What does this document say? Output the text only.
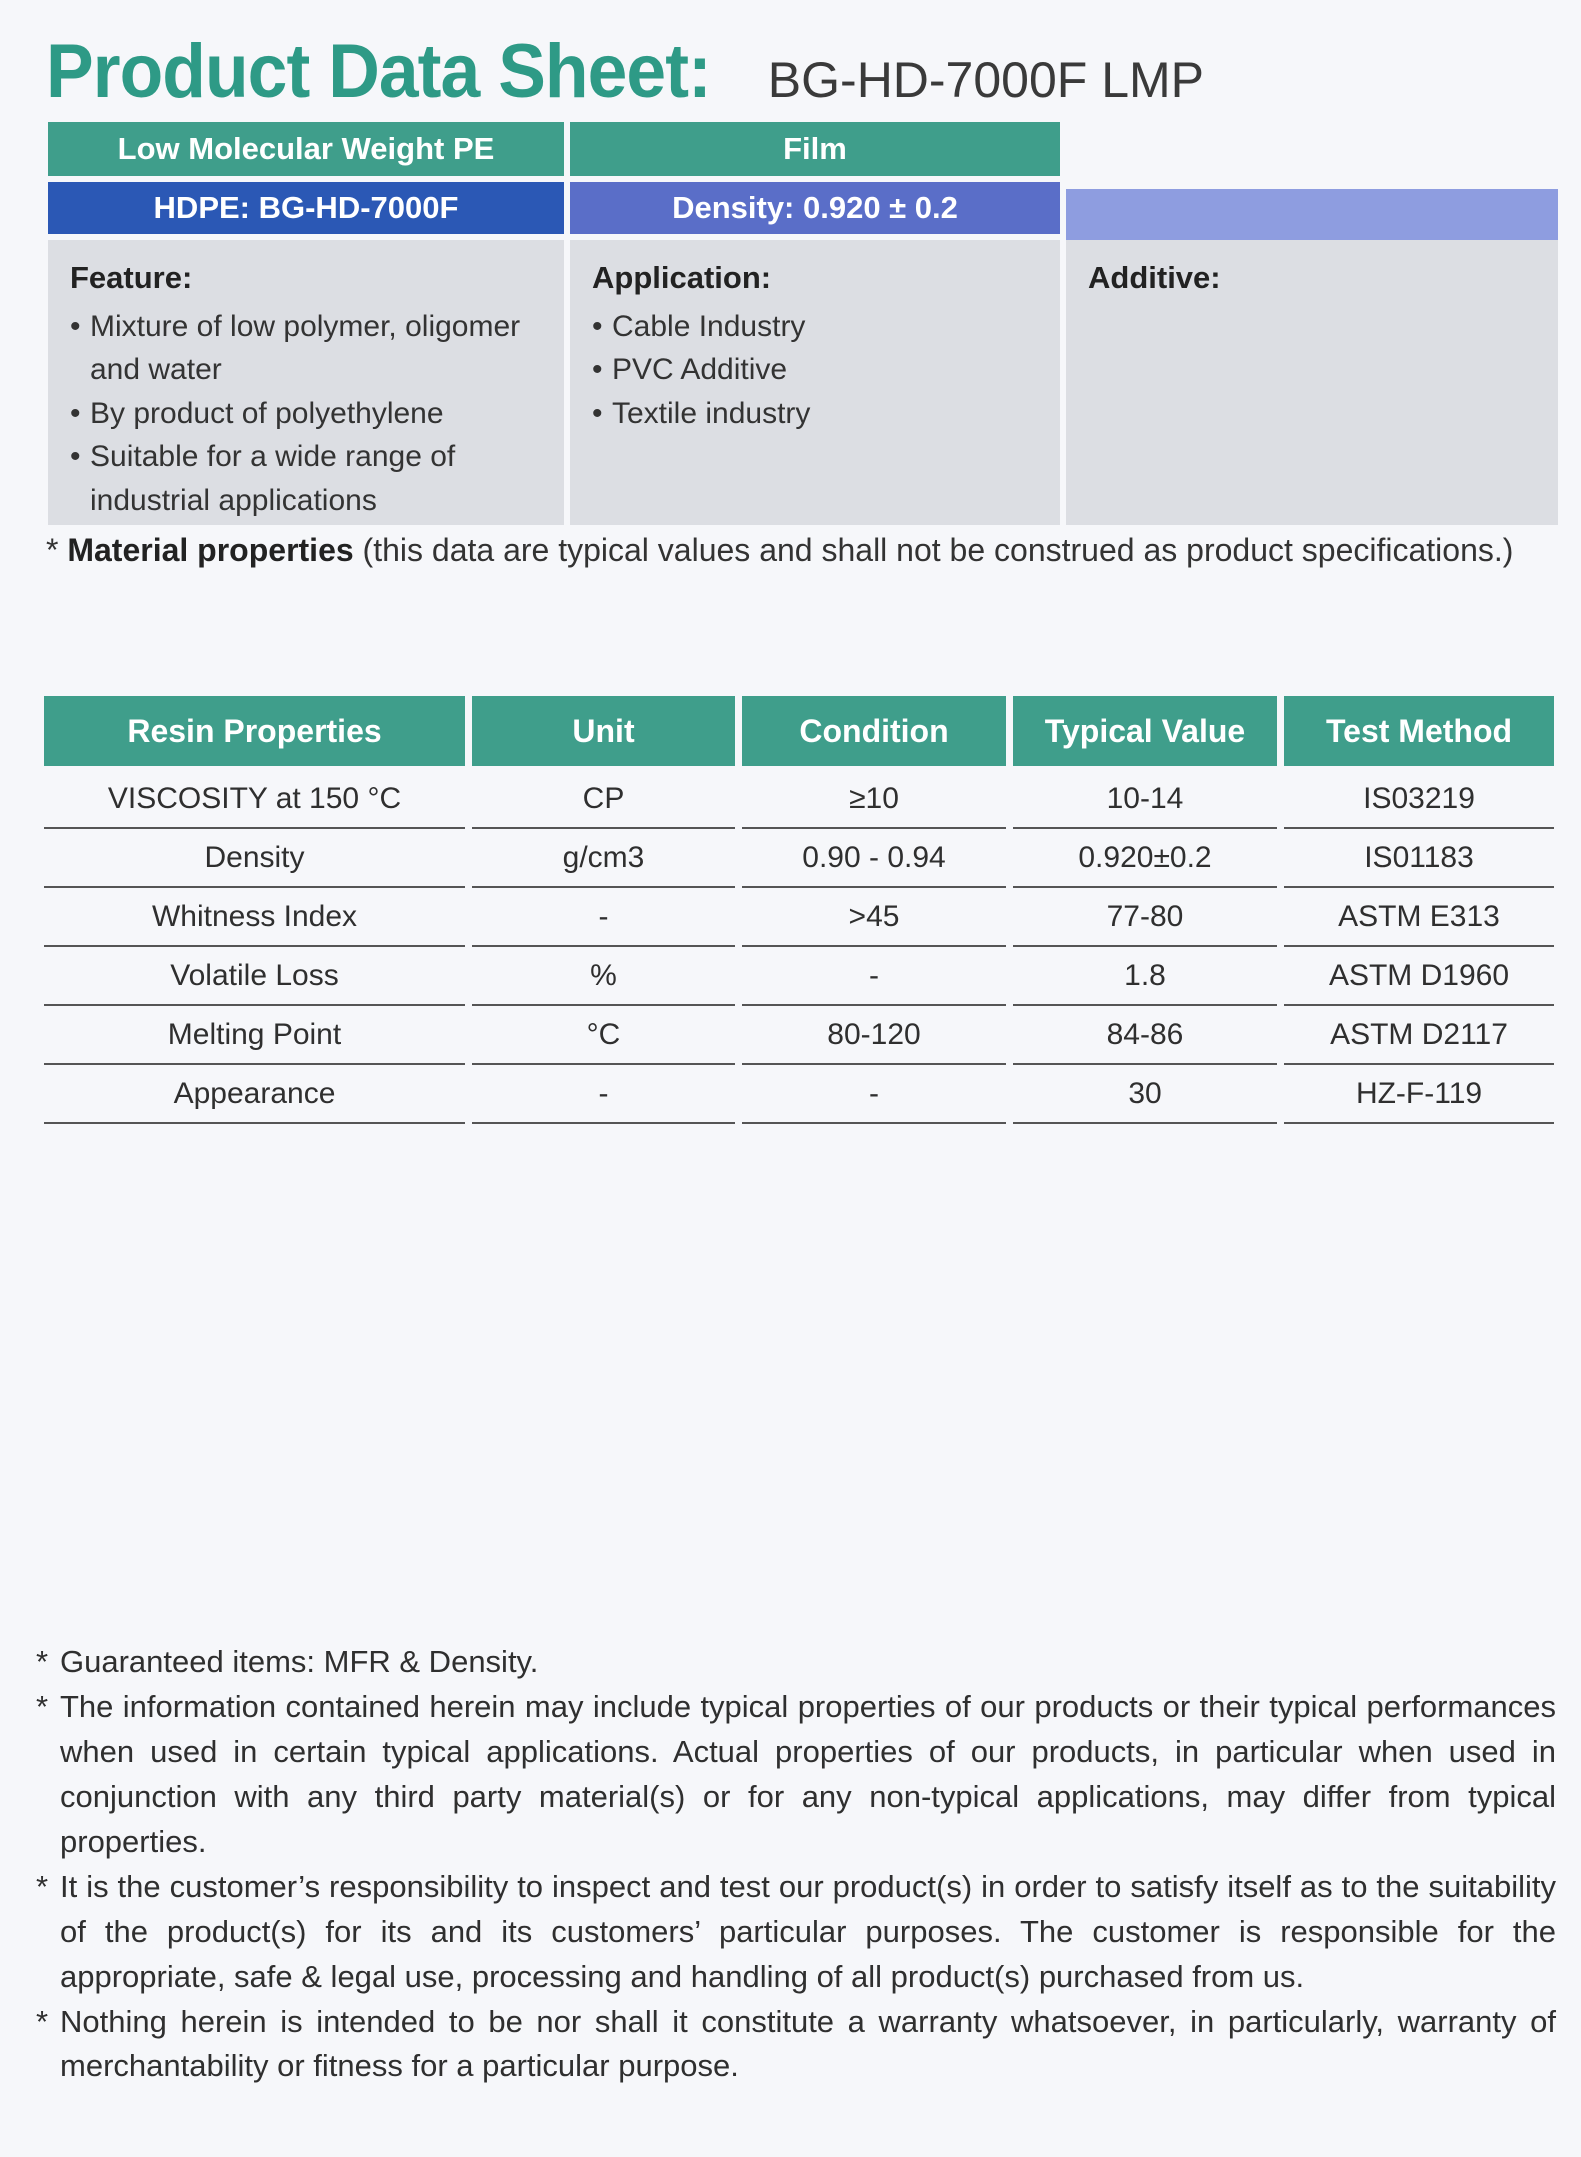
Product Data Sheet: BG-HD-7000F LMP
Low Molecular Weight PE	Film
HDPE: BG-HD-7000F	Density: 0.920 ± 0.2
Feature:
• Mixture of low polymer, oligomer and water
• By product of polyethylene
• Suitable for a wide range of industrial applications
Application:
• Cable Industry
• PVC Additive
• Textile industry
Additive:
* Material properties (this data are typical values and shall not be construed as product specifications.)
Resin Properties	Unit	Condition	Typical Value	Test Method
VISCOSITY at 150 °C	CP	≥10	10-14	IS03219
Density	g/cm3	0.90 - 0.94	0.920±0.2	IS01183
Whitness Index	-	>45	77-80	ASTM E313
Volatile Loss	%	-	1.8	ASTM D1960
Melting Point	°C	80-120	84-86	ASTM D2117
Appearance	-	-	30	HZ-F-119
* Guaranteed items: MFR & Density.
* The information contained herein may include typical properties of our products or their typical performances when used in certain typical applications. Actual properties of our products, in particular when used in conjunction with any third party material(s) or for any non-typical applications, may differ from typical properties.
* It is the customer’s responsibility to inspect and test our product(s) in order to satisfy itself as to the suitability of the product(s) for its and its customers’ particular purposes. The customer is responsible for the appropriate, safe & legal use, processing and handling of all product(s) purchased from us.
* Nothing herein is intended to be nor shall it constitute a warranty whatsoever, in particularly, warranty of merchantability or fitness for a particular purpose.
